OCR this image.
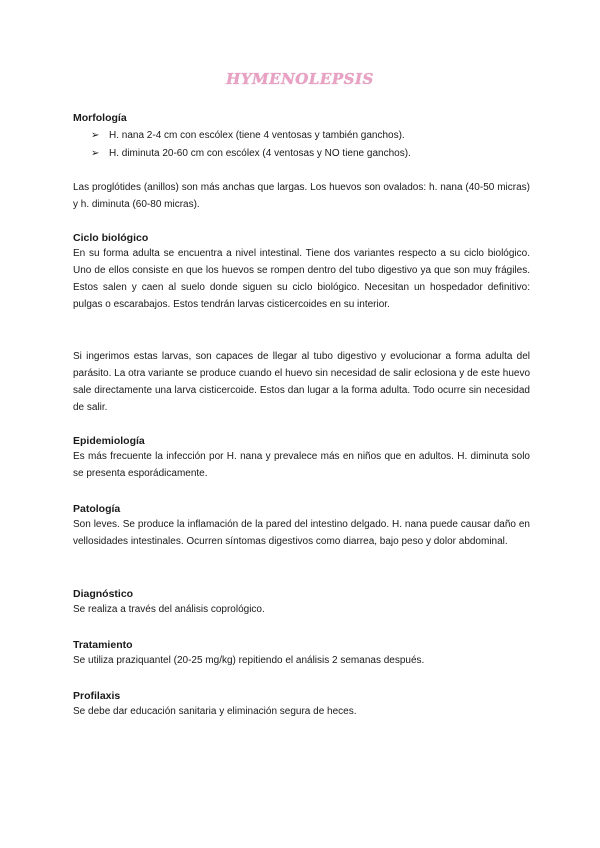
HYMENOLEPSIS

Morfología

➢ H. nana 2-4 cm con escólex (tiene 4 ventosas y también ganchos).
➢ H. diminuta 20-60 cm con escólex (4 ventosas y NO tiene ganchos).

Las proglótides (anillos) son más anchas que largas. Los huevos son ovalados: h. nana (40-50 micras) y h. diminuta (60-80 micras).

Ciclo biológico

En su forma adulta se encuentra a nivel intestinal. Tiene dos variantes respecto a su ciclo biológico. Uno de ellos consiste en que los huevos se rompen dentro del tubo digestivo ya que son muy frágiles. Estos salen y caen al suelo donde siguen su ciclo biológico. Necesitan un hospedador definitivo: pulgas o escarabajos. Estos tendrán larvas cisticercoides en su interior.

Si ingerimos estas larvas, son capaces de llegar al tubo digestivo y evolucionar a forma adulta del parásito. La otra variante se produce cuando el huevo sin necesidad de salir eclosiona y de este huevo sale directamente una larva cisticercoide. Estos dan lugar a la forma adulta. Todo ocurre sin necesidad de salir.

Epidemiología

Es más frecuente la infección por H. nana y prevalece más en niños que en adultos. H. diminuta solo se presenta esporádicamente.

Patología

Son leves. Se produce la inflamación de la pared del intestino delgado. H. nana puede causar daño en vellosidades intestinales. Ocurren síntomas digestivos como diarrea, bajo peso y dolor abdominal.

Diagnóstico

Se realiza a través del análisis coprológico.

Tratamiento

Se utiliza praziquantel (20-25 mg/kg) repitiendo el análisis 2 semanas después.

Profilaxis

Se debe dar educación sanitaria y eliminación segura de heces.
